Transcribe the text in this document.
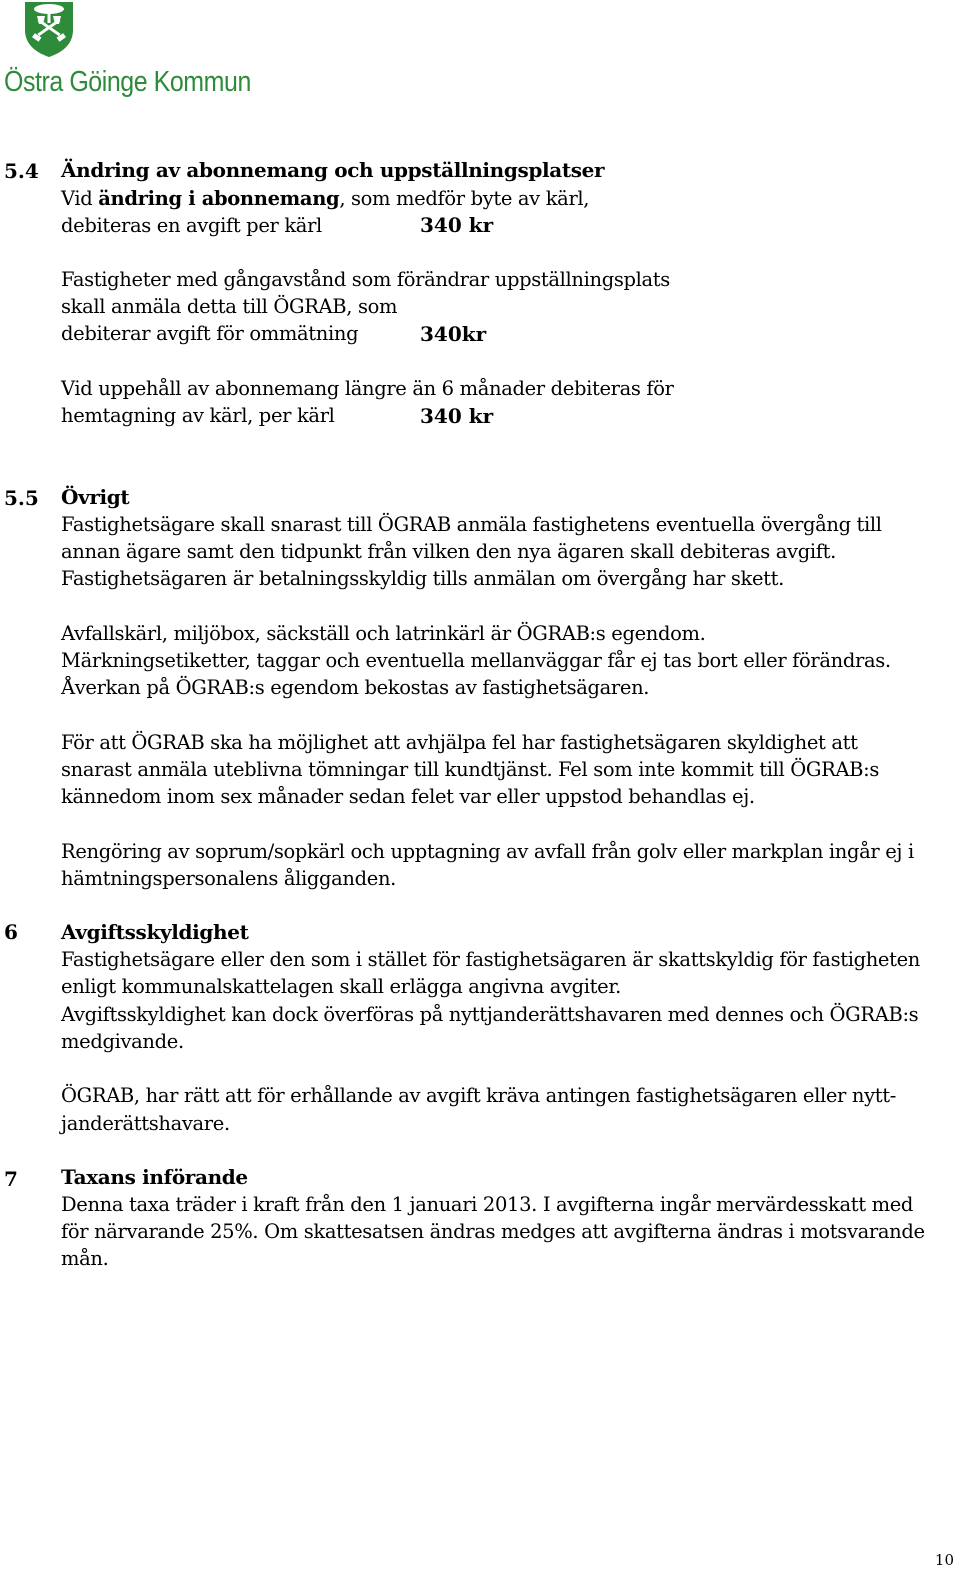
Östra Göinge Kommun
5.4 Ändring av abonnemang och uppställningsplatser
Vid ändring i abonnemang, som medför byte av kärl,
debiteras en avgift per kärl	340 kr
Fastigheter med gångavstånd som förändrar uppställningsplats
skall anmäla detta till ÖGRAB, som
debiterar avgift för ommätning	340kr
Vid uppehåll av abonnemang längre än 6 månader debiteras för
hemtagning av kärl, per kärl	340 kr
5.5 Övrigt
Fastighetsägare skall snarast till ÖGRAB anmäla fastighetens eventuella övergång till
annan ägare samt den tidpunkt från vilken den nya ägaren skall debiteras avgift.
Fastighetsägaren är betalningsskyldig tills anmälan om övergång har skett.
Avfallskärl, miljöbox, säckställ och latrinkärl är ÖGRAB:s egendom.
Märkningsetiketter, taggar och eventuella mellanväggar får ej tas bort eller förändras.
Åverkan på ÖGRAB:s egendom bekostas av fastighetsägaren.
För att ÖGRAB ska ha möjlighet att avhjälpa fel har fastighetsägaren skyldighet att
snarast anmäla uteblivna tömningar till kundtjänst. Fel som inte kommit till ÖGRAB:s
kännedom inom sex månader sedan felet var eller uppstod behandlas ej.
Rengöring av soprum/sopkärl och upptagning av avfall från golv eller markplan ingår ej i
hämtningspersonalens åligganden.
6 Avgiftsskyldighet
Fastighetsägare eller den som i stället för fastighetsägaren är skattskyldig för fastigheten
enligt kommunalskattelagen skall erlägga angivna avgiter.
Avgiftsskyldighet kan dock överföras på nyttjanderättshavaren med dennes och ÖGRAB:s
medgivande.
ÖGRAB, har rätt att för erhållande av avgift kräva antingen fastighetsägaren eller nytt-
janderättshavare.
7 Taxans införande
Denna taxa träder i kraft från den 1 januari 2013. I avgifterna ingår mervärdesskatt med
för närvarande 25%. Om skattesatsen ändras medges att avgifterna ändras i motsvarande
mån.
10
